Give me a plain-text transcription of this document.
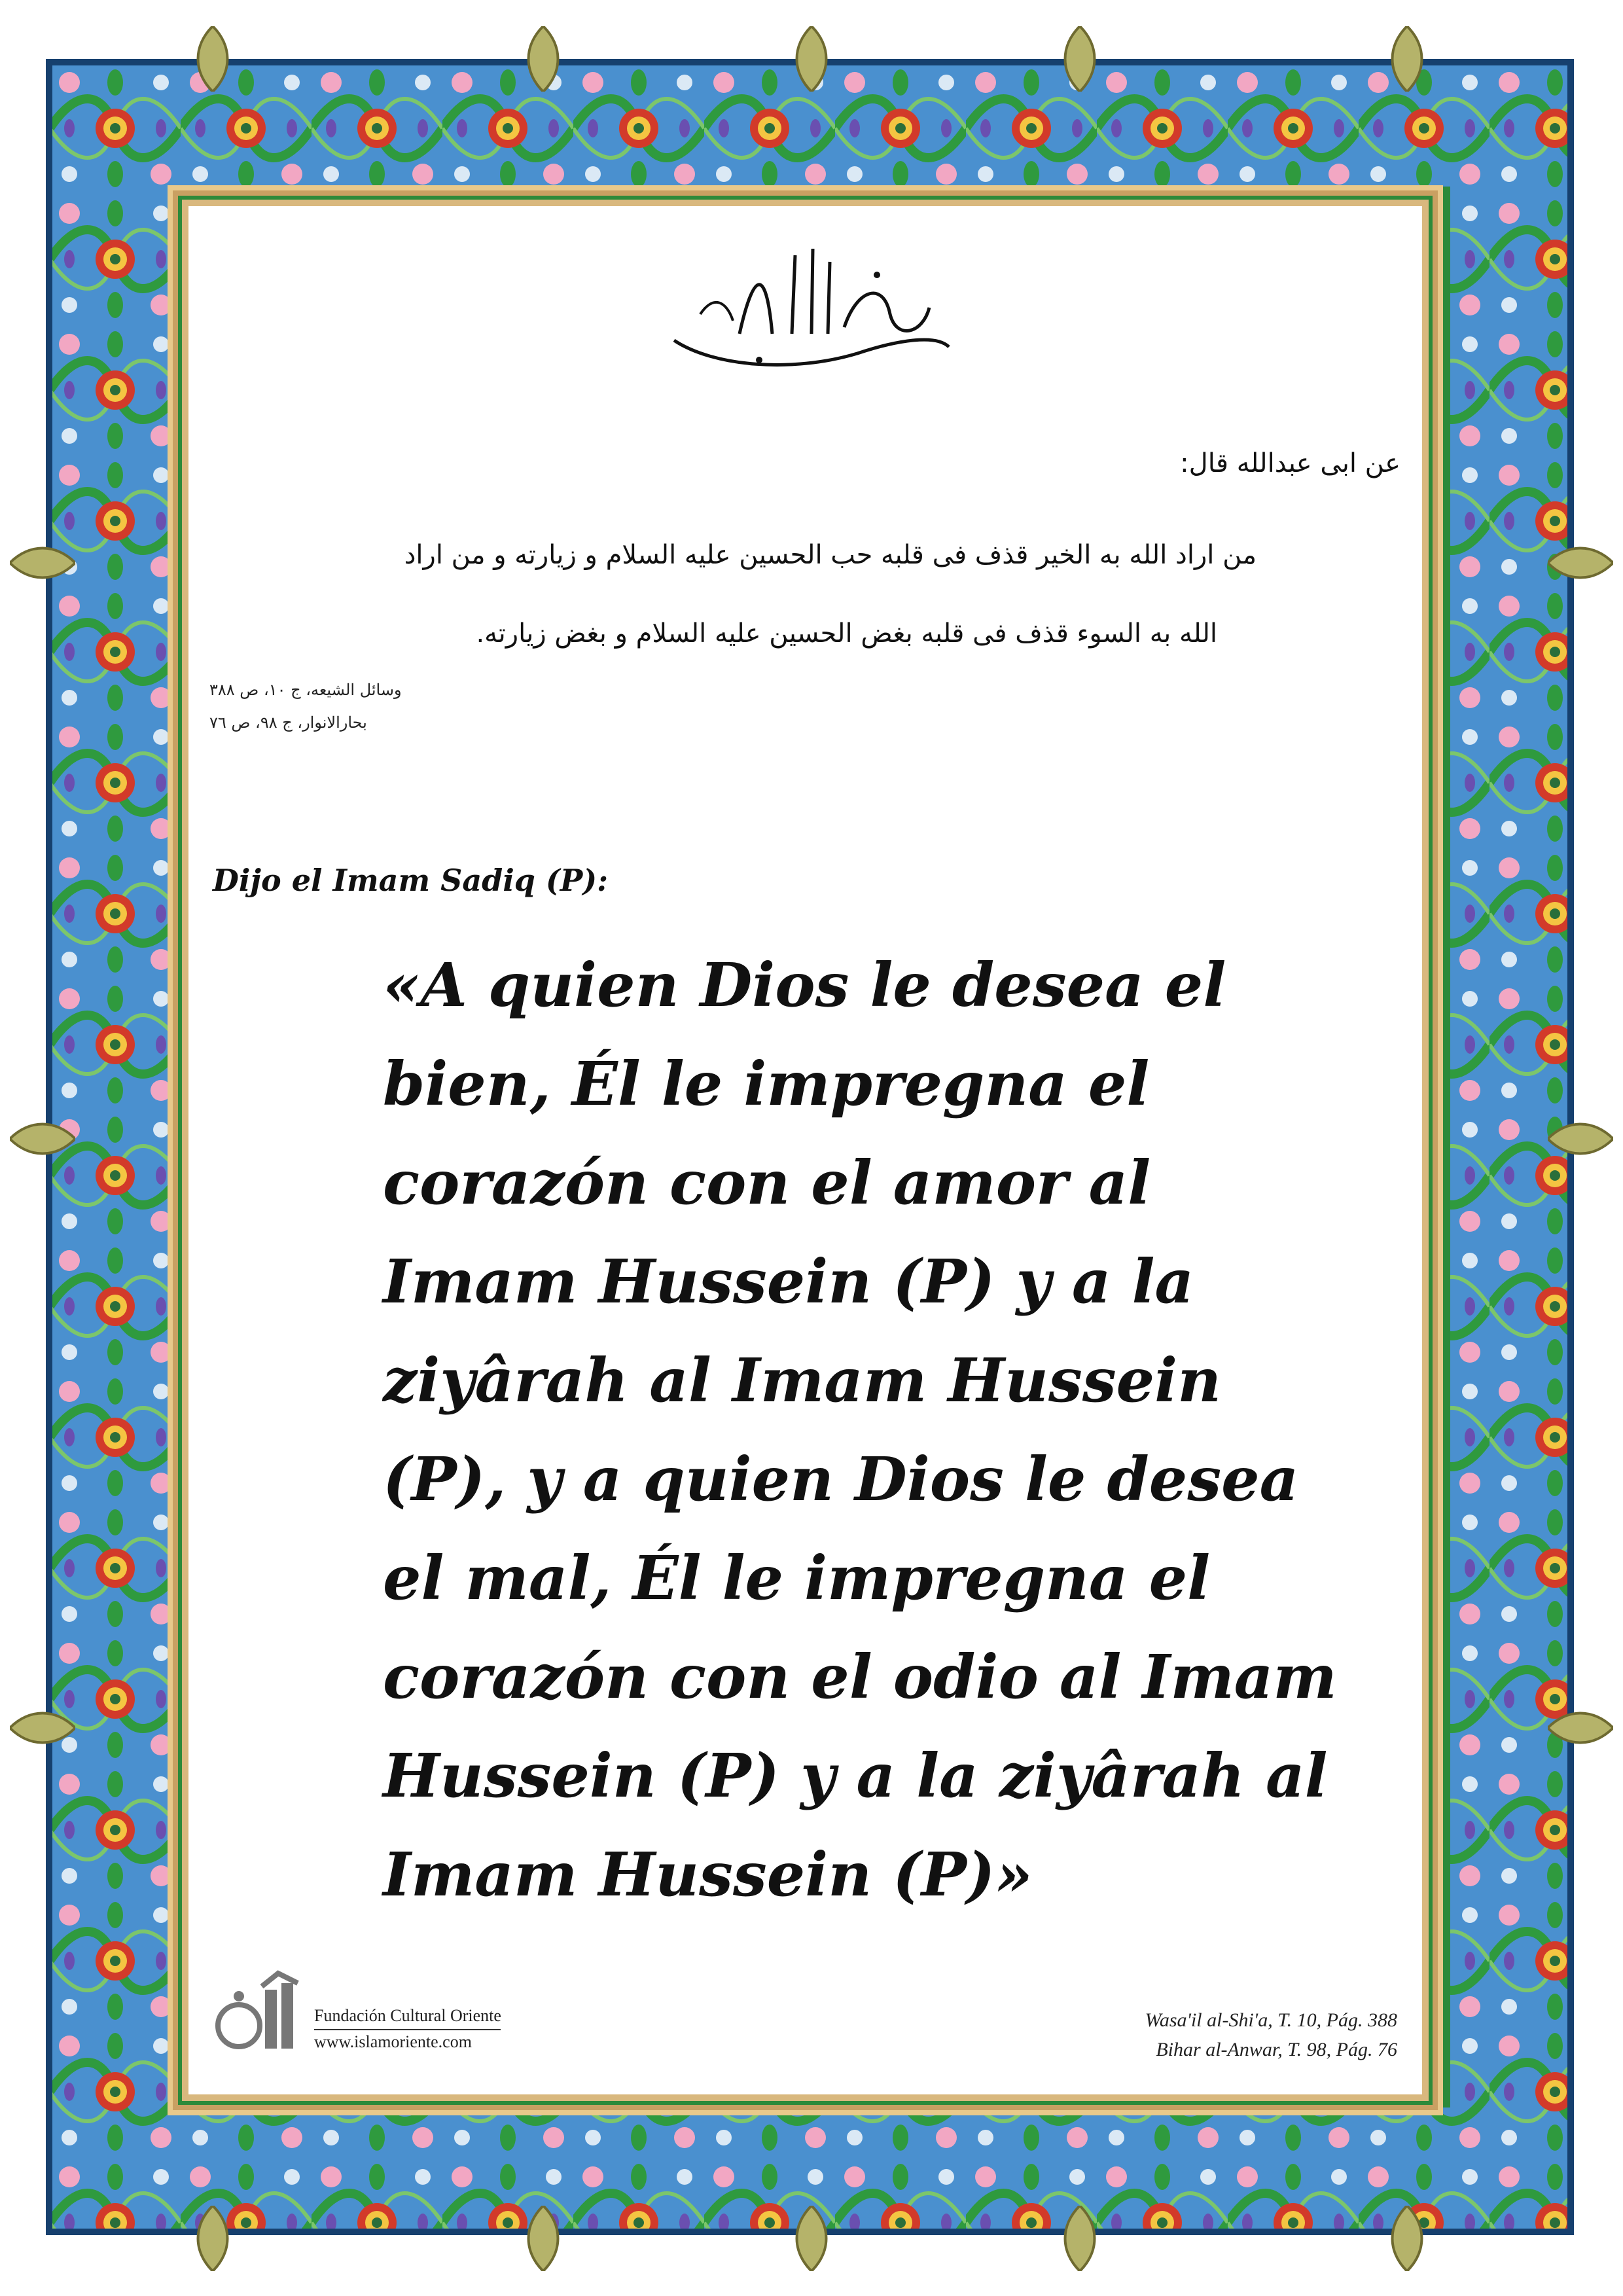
عن ابی عبدالله قال:
من اراد الله به الخير قذف فی قلبه حب الحسين عليه السلام و زيارته و من اراد
الله به السوء قذف فی قلبه بغض الحسين عليه السلام و بغض زيارته.
وسائل الشيعه، ج ١٠، ص ٣٨٨
بحارالانوار، ج ٩٨، ص ٧٦
Dijo el Imam Sadiq (P):
«A quien Dios le desea el
bien, Él le impregna el
corazón con el amor al
Imam Hussein (P) y a la
ziyârah al Imam Hussein
(P), y a quien Dios le desea
el mal, Él le impregna el
corazón con el odio al Imam
Hussein (P) y a la ziyârah al
Imam Hussein (P)»
Fundación Cultural Oriente
www.islamoriente.com
Wasa'il al-Shi'a, T. 10, Pág. 388
Bihar al-Anwar, T. 98, Pág. 76
